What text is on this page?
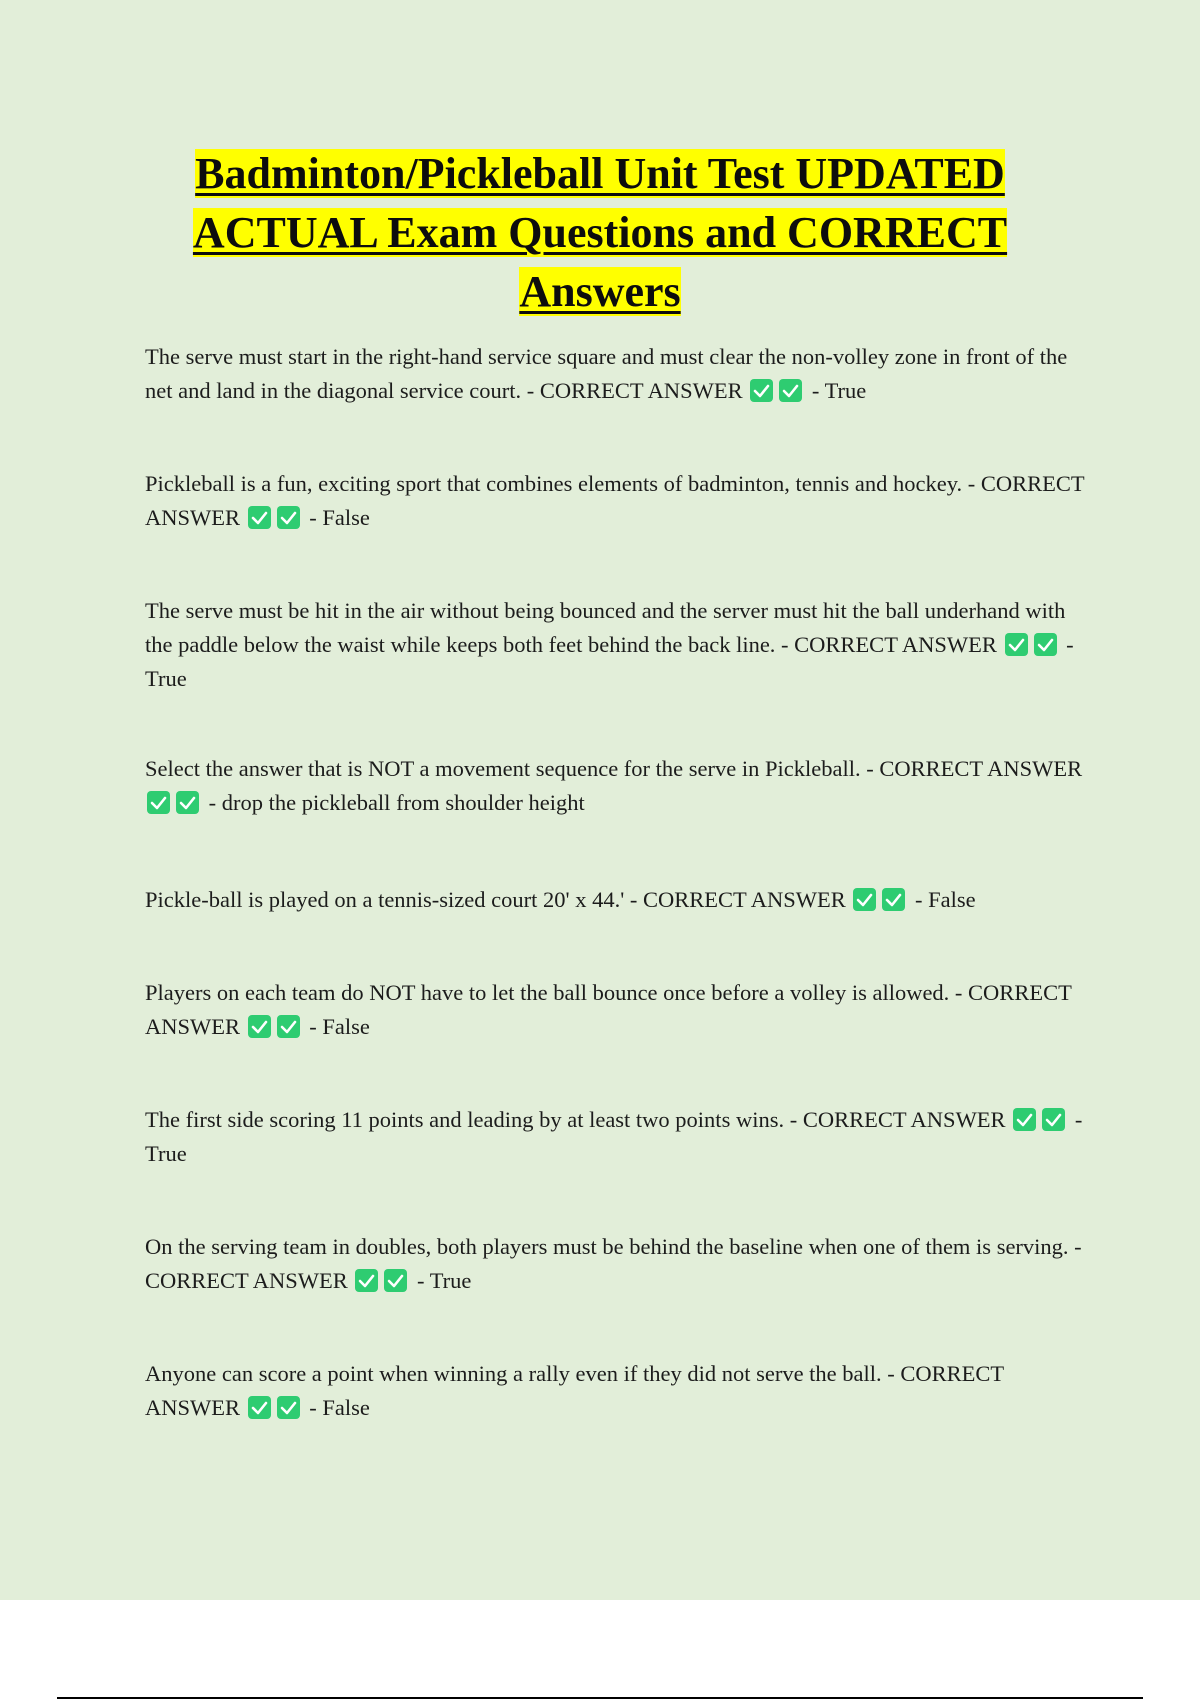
Badminton/Pickleball Unit Test UPDATED
ACTUAL Exam Questions and CORRECT
Answers

The serve must start in the right-hand service square and must clear the non-volley zone in front of the net and land in the diagonal service court. - CORRECT ANSWER	- True

Pickleball is a fun, exciting sport that combines elements of badminton, tennis and hockey. - CORRECT ANSWER	- False

The serve must be hit in the air without being bounced and the server must hit the ball underhand with the paddle below the waist while keeps both feet behind the back line. - CORRECT ANSWER	- True

Select the answer that is NOT a movement sequence for the serve in Pickleball. - CORRECT ANSWER
- drop the pickleball from shoulder height

Pickle-ball is played on a tennis-sized court 20' x 44.' - CORRECT ANSWER	- False

Players on each team do NOT have to let the ball bounce once before a volley is allowed. - CORRECT ANSWER	- False

The first side scoring 11 points and leading by at least two points wins. - CORRECT ANSWER	- True

On the serving team in doubles, both players must be behind the baseline when one of them is serving. - CORRECT ANSWER	- True

Anyone can score a point when winning a rally even if they did not serve the ball. - CORRECT ANSWER	- False
